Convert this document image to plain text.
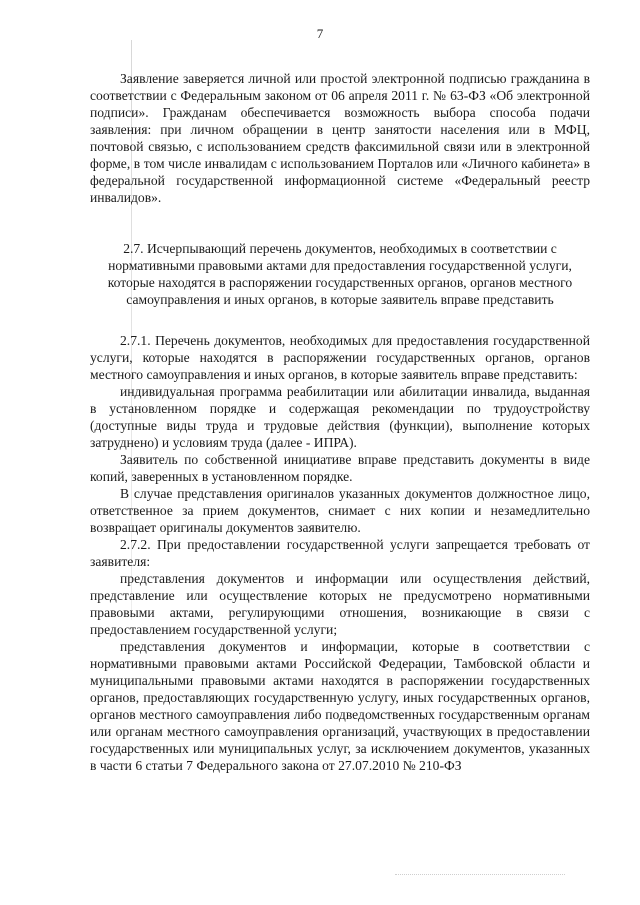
7

Заявление заверяется личной или простой электронной подписью гражданина в соответствии с Федеральным законом от 06 апреля 2011 г. № 63-ФЗ «Об электронной подписи». Гражданам обеспечивается возможность выбора способа подачи заявления: при личном обращении в центр занятости населения или в МФЦ, почтовой связью, с использованием средств факсимильной связи или в электронной форме, в том числе инвалидам с использованием Порталов или «Личного кабинета» в федеральной государственной информационной системе «Федеральный реестр инвалидов».

2.7. Исчерпывающий перечень документов, необходимых в соответствии с нормативными правовыми актами для предоставления государственной услуги, которые находятся в распоряжении государственных органов, органов местного самоуправления и иных органов, в которые заявитель вправе представить

2.7.1. Перечень документов, необходимых для предоставления государственной услуги, которые находятся в распоряжении государственных органов, органов местного самоуправления и иных органов, в которые заявитель вправе представить:

индивидуальная программа реабилитации или абилитации инвалида, выданная в установленном порядке и содержащая рекомендации по трудоустройству (доступные виды труда и трудовые действия (функции), выполнение которых затруднено) и условиям труда (далее - ИПРА).

Заявитель по собственной инициативе вправе представить документы в виде копий, заверенных в установленном порядке.

В случае представления оригиналов указанных документов должностное лицо, ответственное за прием документов, снимает с них копии и незамедлительно возвращает оригиналы документов заявителю.

2.7.2. При предоставлении государственной услуги запрещается требовать от заявителя:

представления документов и информации или осуществления действий, представление или осуществление которых не предусмотрено нормативными правовыми актами, регулирующими отношения, возникающие в связи с предоставлением государственной услуги;

представления документов и информации, которые в соответствии с нормативными правовыми актами Российской Федерации, Тамбовской области и муниципальными правовыми актами находятся в распоряжении государственных органов, предоставляющих государственную услугу, иных государственных органов, органов местного самоуправления либо подведомственных государственным органам или органам местного самоуправления организаций, участвующих в предоставлении государственных или муниципальных услуг, за исключением документов, указанных в части 6 статьи 7 Федерального закона от 27.07.2010 № 210-ФЗ
